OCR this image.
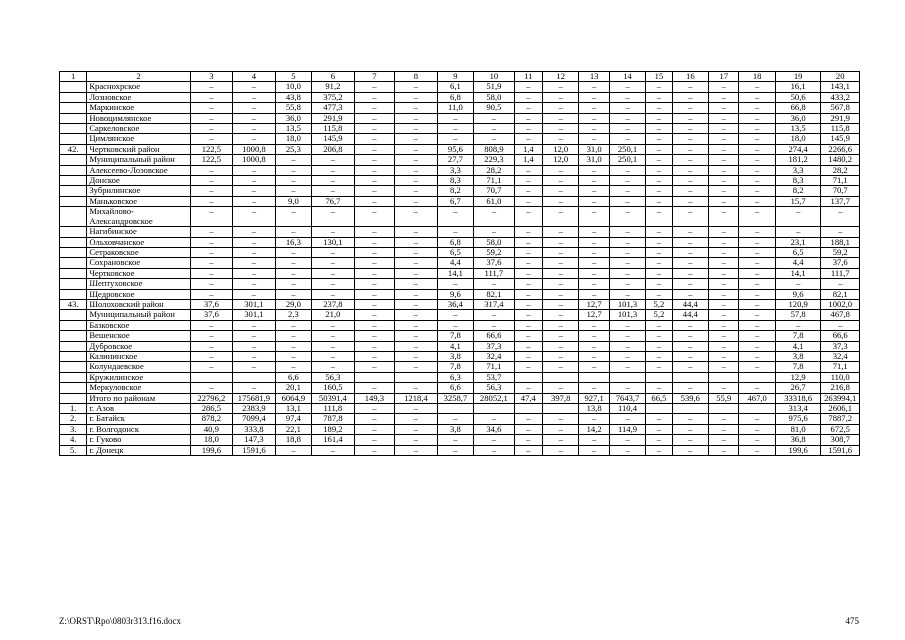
1	2	3	4	5	6	7	8	9	10	11	12	13	14	15	16	17	18	19	20
	Краснохрское	–	–	10,0	91,2	–	–	6,1	51,9	–	–	–	–	–	–	–	–	16,1	143,1
	Лозновское	–	–	43,8	375,2	–	–	6,8	58,0	–	–	–	–	–	–	–	–	50,6	433,2
	Маркинское	–	–	55,8	477,3	–	–	11,0	90,5	–	–	–	–	–	–	–	–	66,8	567,8
	Новоцимлянское	–	–	36,0	291,9	–	–	–	–	–	–	–	–	–	–	–	–	36,0	291,9
	Саркеловское	–	–	13,5	115,8	–	–	–	–	–	–	–	–	–	–	–	–	13,5	115,8
	Цимлянское	–	–	18,0	145,9	–	–	–	–	–	–	–	–	–	–	–	–	18,0	145,9
42.	Чертковский район	122,5	1000,8	25,3	206,8	–	–	95,6	808,9	1,4	12,0	31,0	250,1	–	–	–	–	274,4	2266,6
	Муниципальный район	122,5	1000,8	–	–	–	–	27,7	229,3	1,4	12,0	31,0	250,1	–	–	–	–	181,2	1480,2
	Алексеево-Лозовское	–	–	–	–	–	–	3,3	28,2	–	–	–	–	–	–	–	–	3,3	28,2
	Донское	–	–	–	–	–	–	8,3	71,1	–	–	–	–	–	–	–	–	8,3	71,1
	Зубрилинское	–	–	–	–	–	–	8,2	70,7	–	–	–	–	–	–	–	–	8,2	70,7
	Маньковское	–	–	9,0	76,7	–	–	6,7	61,0	–	–	–	–	–	–	–	–	15,7	137,7
	Михайлово-Александровское	–	–	–	–	–	–	–	–	–	–	–	–	–	–	–	–	–	–
	Нагибинское	–	–	–	–	–	–	–	–	–	–	–	–	–	–	–	–	–	–
	Ольховчанское	–	–	16,3	130,1	–	–	6,8	58,0	–	–	–	–	–	–	–	–	23,1	188,1
	Сетраковское	–	–	–	–	–	–	6,5	59,2	–	–	–	–	–	–	–	–	6,5	59,2
	Сохрановское	–	–	–	–	–	–	4,4	37,6	–	–	–	–	–	–	–	–	4,4	37,6
	Чертковское	–	–	–	–	–	–	14,1	111,7	–	–	–	–	–	–	–	–	14,1	111,7
	Шептуховское	–	–	–	–	–	–	–	–	–	–	–	–	–	–	–	–	–	–
	Щедровское	–	–	–	–	–	–	9,6	82,1	–	–	–	–	–	–	–	–	9,6	82,1
43.	Шолоховский район	37,6	301,1	29,0	237,8	–	–	36,4	317,4	–	–	12,7	101,3	5,2	44,4	–	–	120,9	1002,0
	Муниципальный район	37,6	301,1	2,3	21,0	–	–	–	–	–	–	12,7	101,3	5,2	44,4	–	–	57,8	467,8
	Базковское	–	–	–	–	–	–	–	–	–	–	–	–	–	–	–	–	–	–
	Вешенское	–	–	–	–	–	–	7,8	66,6	–	–	–	–	–	–	–	–	7,8	66,6
	Дубровское	–	–	–	–	–	–	4,1	37,3	–	–	–	–	–	–	–	–	4,1	37,3
	Калининское	–	–	–	–	–	–	3,8	32,4	–	–	–	–	–	–	–	–	3,8	32,4
	Колундаевское	–	–	–	–	–	–	7,8	71,1	–	–	–	–	–	–	–	–	7,8	71,1
	Кружилинское			6,6	56,3			6,3	53,7									12,9	110,0
	Меркуловское	–	–	20,1	160,5	–	–	6,6	56,3	–	–	–	–	–	–	–	–	26,7	216,8
	Итого по районам	22796,2	175681,9	6064,9	50391,4	149,3	1218,4	3258,7	28052,1	47,4	397,8	927,1	7643,7	66,5	539,6	55,9	467,0	33318,6	263994,1
1.	г. Азов	286,5	2383,9	13,1	111,8	–	–					13,8	110,4					313,4	2606,1
2.	г. Батайск	878,2	7099,4	97,4	787,8	–	–	–	–	–	–	–	–	–	–	–	–	975,6	7887,2
3.	г. Волгодонск	40,9	333,8	22,1	189,2	–	–	3,8	34,6	–	–	14,2	114,9	–	–	–	–	81,0	672,5
4.	г. Гуково	18,0	147,3	18,8	161,4	–	–	–	–	–	–	–	–	–	–	–	–	36,8	308,7
5.	г. Донецк	199,6	1591,6	–	–	–	–	–	–	–	–	–	–	–	–	–	–	199,6	1591,6
Z:\ORST\Rpo\0803r313.f16.docx	475
